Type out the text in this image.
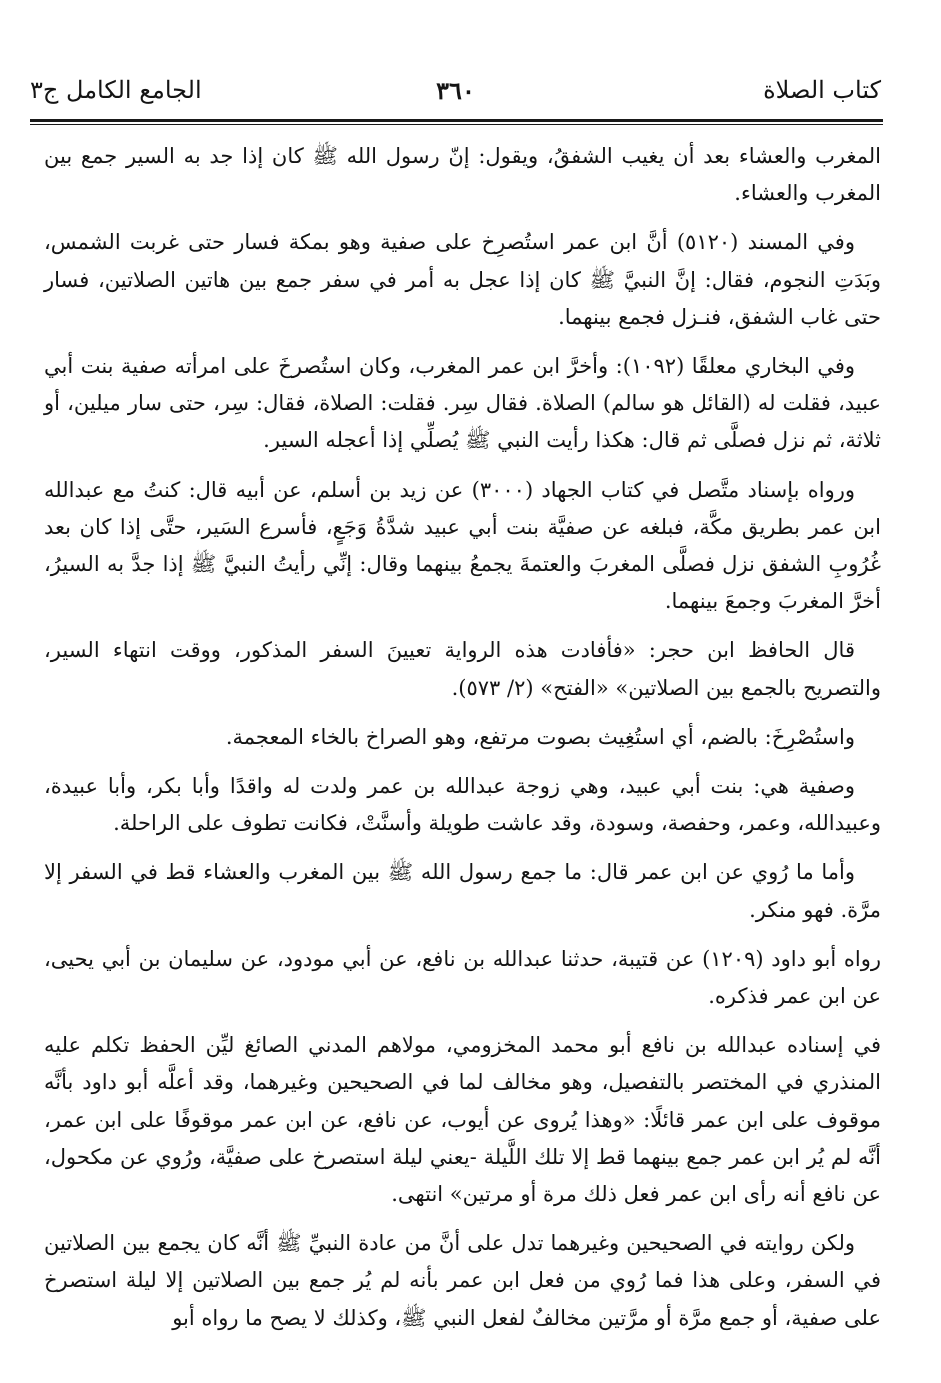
كتاب الصلاة
٣٦٠
الجامع الكامل ج٣

المغرب والعشاء بعد أن يغيب الشفقُ، ويقول: إنّ رسول الله ﷺ كان إذا جد به السير جمع بين المغرب والعشاء.

وفي المسند (٥١٢٠) أنَّ ابن عمر استُصرِخ على صفية وهو بمكة فسار حتى غربت الشمس، وبَدَتِ النجوم، فقال: إنَّ النبيَّ ﷺ كان إذا عجل به أمر في سفر جمع بين هاتين الصلاتين، فسار حتى غاب الشفق، فنـزل فجمع بينهما.

وفي البخاري معلقًا (١٠٩٢): وأخرَّ ابن عمر المغرب، وكان استُصرخَ على امرأته صفية بنت أبي عبيد، فقلت له (القائل هو سالم) الصلاة. فقال سِر. فقلت: الصلاة، فقال: سِر، حتى سار ميلين، أو ثلاثة، ثم نزل فصلَّى ثم قال: هكذا رأيت النبي ﷺ يُصلِّي إذا أعجله السير.

ورواه بإسناد متَّصل في كتاب الجهاد (٣٠٠٠) عن زيد بن أسلم، عن أبيه قال: كنتُ مع عبدالله ابن عمر بطريق مكَّة، فبلغه عن صفيَّة بنت أبي عبيد شدَّةُ وَجَعٍ، فأسرع السَير، حتَّى إذا كان بعد غُرُوبِ الشفق نزل فصلَّى المغربَ والعتمةَ يجمعُ بينهما وقال: إنِّي رأيتُ النبيَّ ﷺ إذا جدَّ به السيرُ، أخرَّ المغربَ وجمعَ بينهما.

قال الحافظ ابن حجر: «فأفادت هذه الرواية تعيينَ السفر المذكور، ووقت انتهاء السير، والتصريح بالجمع بين الصلاتين» «الفتح» (٢/ ٥٧٣).

واستُصْرِخَ: بالضم، أي استُغِيث بصوت مرتفع، وهو الصراخ بالخاء المعجمة.

وصفية هي: بنت أبي عبيد، وهي زوجة عبدالله بن عمر ولدت له واقدًا وأبا بكر، وأبا عبيدة، وعبيدالله، وعمر، وحفصة، وسودة، وقد عاشت طويلة وأسنَّتْ، فكانت تطوف على الراحلة.

وأما ما رُوي عن ابن عمر قال: ما جمع رسول الله ﷺ بين المغرب والعشاء قط في السفر إلا مرَّة. فهو منكر.

رواه أبو داود (١٢٠٩) عن قتيبة، حدثنا عبدالله بن نافع، عن أبي مودود، عن سليمان بن أبي يحيى، عن ابن عمر فذكره.

في إسناده عبدالله بن نافع أبو محمد المخزومي، مولاهم المدني الصائغ ليِّن الحفظ تكلم عليه المنذري في المختصر بالتفصيل، وهو مخالف لما في الصحيحين وغيرهما، وقد أعلَّه أبو داود بأنَّه موقوف على ابن عمر قائلًا: «وهذا يُروى عن أيوب، عن نافع، عن ابن عمر موقوفًا على ابن عمر، أنَّه لم يُر ابن عمر جمع بينهما قط إلا تلك اللَّيلة -يعني ليلة استصرخ على صفيَّة، ورُوي عن مكحول، عن نافع أنه رأى ابن عمر فعل ذلك مرة أو مرتين» انتهى.

ولكن روايته في الصحيحين وغيرهما تدل على أنَّ من عادة النبيِّ ﷺ أنَّه كان يجمع بين الصلاتين في السفر، وعلى هذا فما رُوي من فعل ابن عمر بأنه لم يُر جمع بين الصلاتين إلا ليلة استصرخ على صفية، أو جمع مرَّة أو مرَّتين مخالفٌ لفعل النبي ﷺ، وكذلك لا يصح ما رواه أبو
